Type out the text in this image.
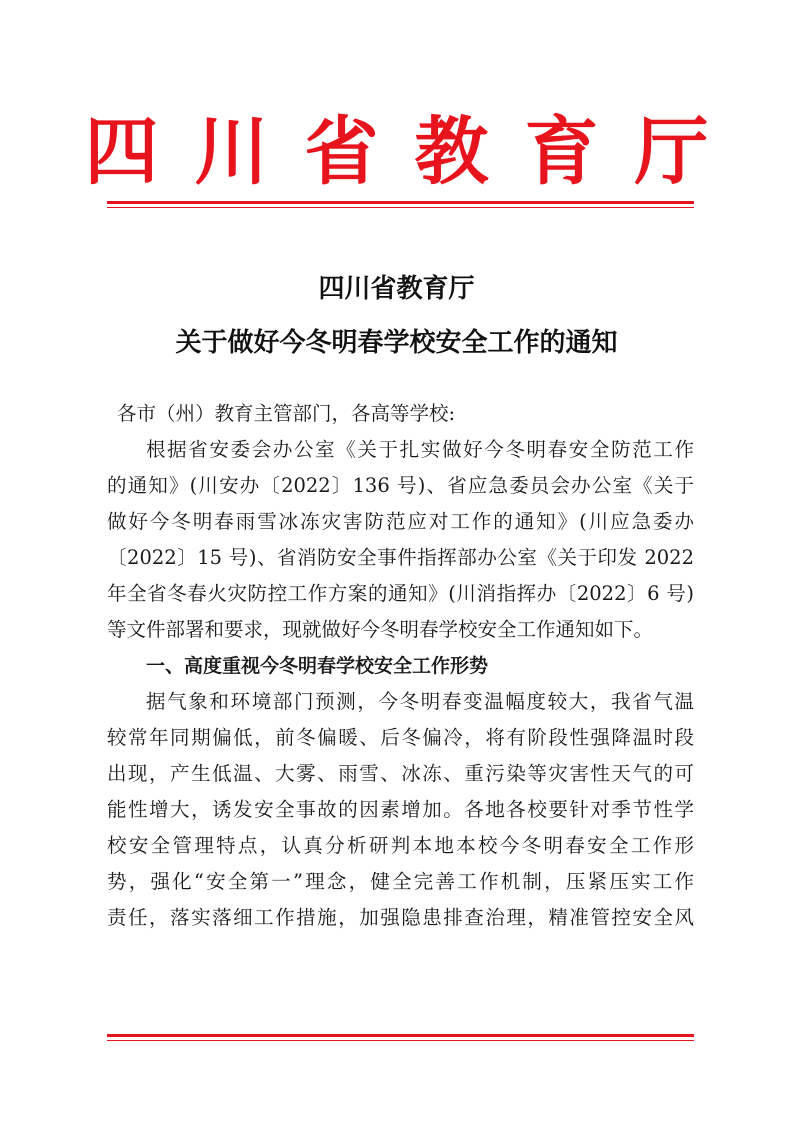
四川省教育厅
四川省教育厅
关于做好今冬明春学校安全工作的通知
各市（州）教育主管部门，各高等学校:
根据省安委会办公室《关于扎实做好今冬明春安全防范工作
的通知》(川安办〔2022〕136 号)、省应急委员会办公室《关于
做好今冬明春雨雪冰冻灾害防范应对工作的通知》(川应急委办
〔2022〕15 号)、省消防安全事件指挥部办公室《关于印发 2022
年全省冬春火灾防控工作方案的通知》(川消指挥办〔2022〕6 号)
等文件部署和要求，现就做好今冬明春学校安全工作通知如下。
一、高度重视今冬明春学校安全工作形势
据气象和环境部门预测，今冬明春变温幅度较大，我省气温
较常年同期偏低，前冬偏暖、后冬偏冷，将有阶段性强降温时段
出现，产生低温、大雾、雨雪、冰冻、重污染等灾害性天气的可
能性增大，诱发安全事故的因素增加。各地各校要针对季节性学
校安全管理特点，认真分析研判本地本校今冬明春安全工作形
势，强化“安全第一”理念，健全完善工作机制，压紧压实工作
责任，落实落细工作措施，加强隐患排查治理，精准管控安全风
